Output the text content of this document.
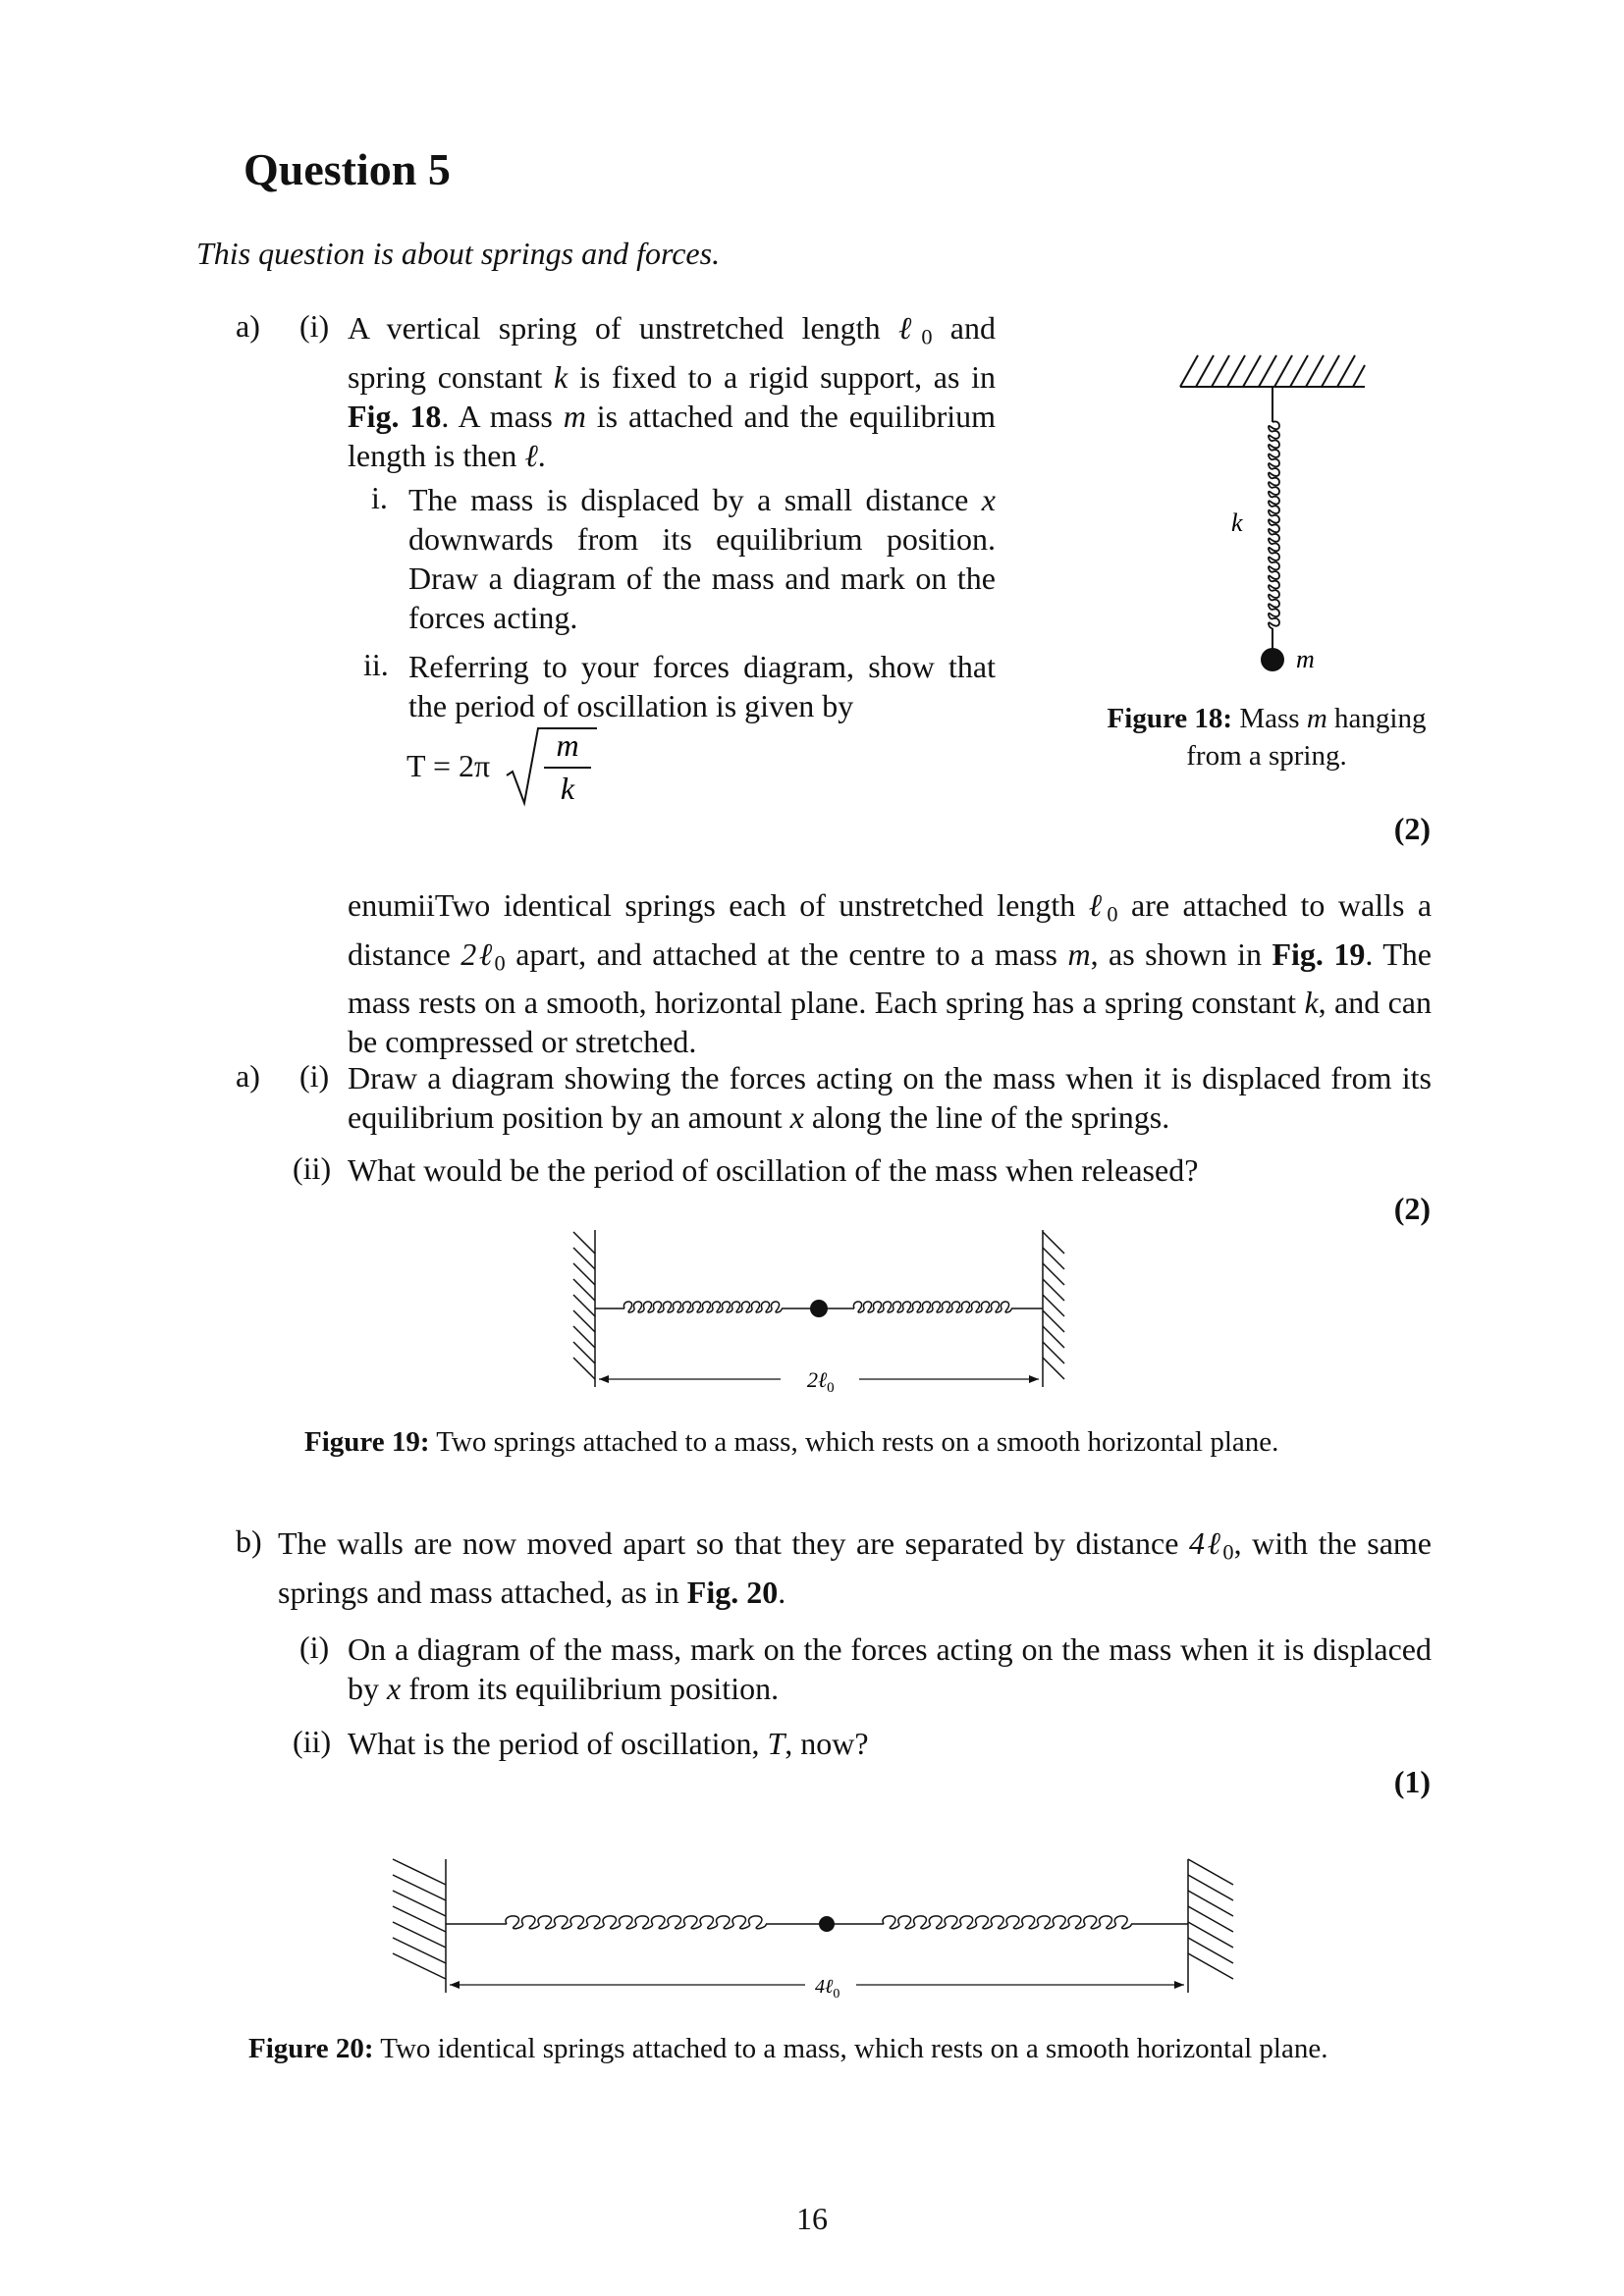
Question 5
This question is about springs and forces.
a) (i) A vertical spring of unstretched length ℓ$_0$ and spring constant k is fixed to a rigid support, as in Fig. 18. A mass m is attached and the equilibrium length is then ℓ.
i. The mass is displaced by a small distance x downwards from its equilibrium position. Draw a diagram of the mass and mark on the forces acting.
ii. Referring to your forces diagram, show that the period of oscillation is given by
T = 2π
m
k
k
m
Figure 18: Mass m hanging
from a spring.
(2)
enumiiTwo identical springs each of unstretched length ℓ$_0$ are attached to walls a distance 2ℓ$_0$ apart, and attached at the centre to a mass m, as shown in Fig. 19. The mass rests on a smooth, horizontal plane. Each spring has a spring constant k, and can be compressed or stretched.
a) (i) Draw a diagram showing the forces acting on the mass when it is displaced from its equilibrium position by an amount x along the line of the springs.
(ii) What would be the period of oscillation of the mass when released?
(2)
2ℓ$_0$
Figure 19: Two springs attached to a mass, which rests on a smooth horizontal plane.
b) The walls are now moved apart so that they are separated by distance 4ℓ$_0$, with the same springs and mass attached, as in Fig. 20.
(i) On a diagram of the mass, mark on the forces acting on the mass when it is displaced by x from its equilibrium position.
(ii) What is the period of oscillation, T, now?
(1)
4ℓ$_0$
Figure 20: Two identical springs attached to a mass, which rests on a smooth horizontal plane.
16
